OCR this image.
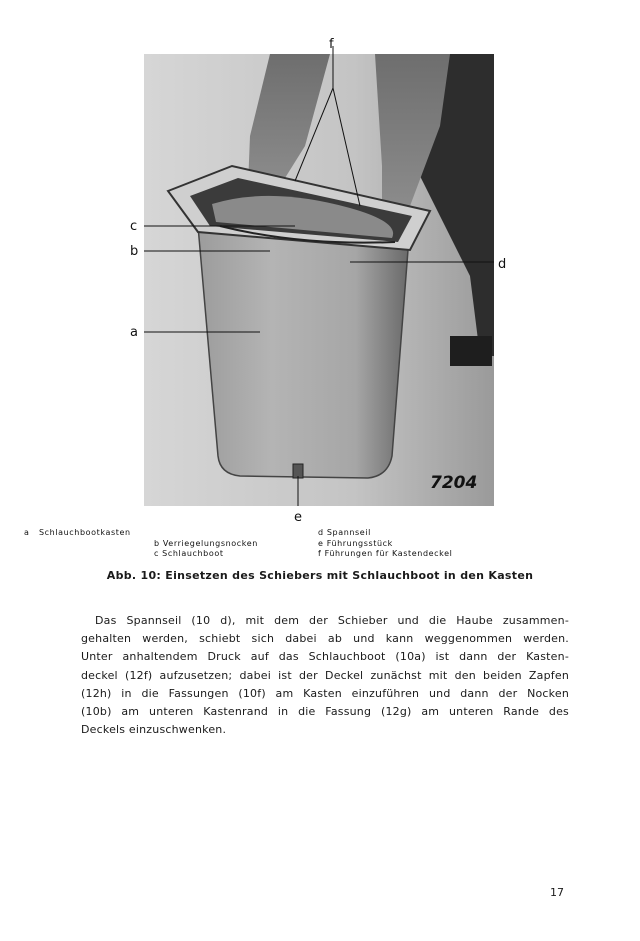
7204
f
c
b
a
d
e
a Schlauchbootkasten
b Verriegelungsnocken
c Schlauchboot
d Spannseil
e Führungsstück
f Führungen für Kastendeckel
Abb. 10: Einsetzen des Schiebers mit Schlauchboot in den Kasten
Das Spannseil (10 d), mit dem der Schieber und die Haube zusammen-
gehalten werden, schiebt sich dabei ab und kann weggenommen werden.
Unter anhaltendem Druck auf das Schlauchboot (10a) ist dann der Kasten-
deckel (12f) aufzusetzen; dabei ist der Deckel zunächst mit den beiden Zapfen
(12h) in die Fassungen (10f) am Kasten einzuführen und dann der Nocken
(10b) am unteren Kastenrand in die Fassung (12g) am unteren Rande des
Deckels einzuschwenken.
17
